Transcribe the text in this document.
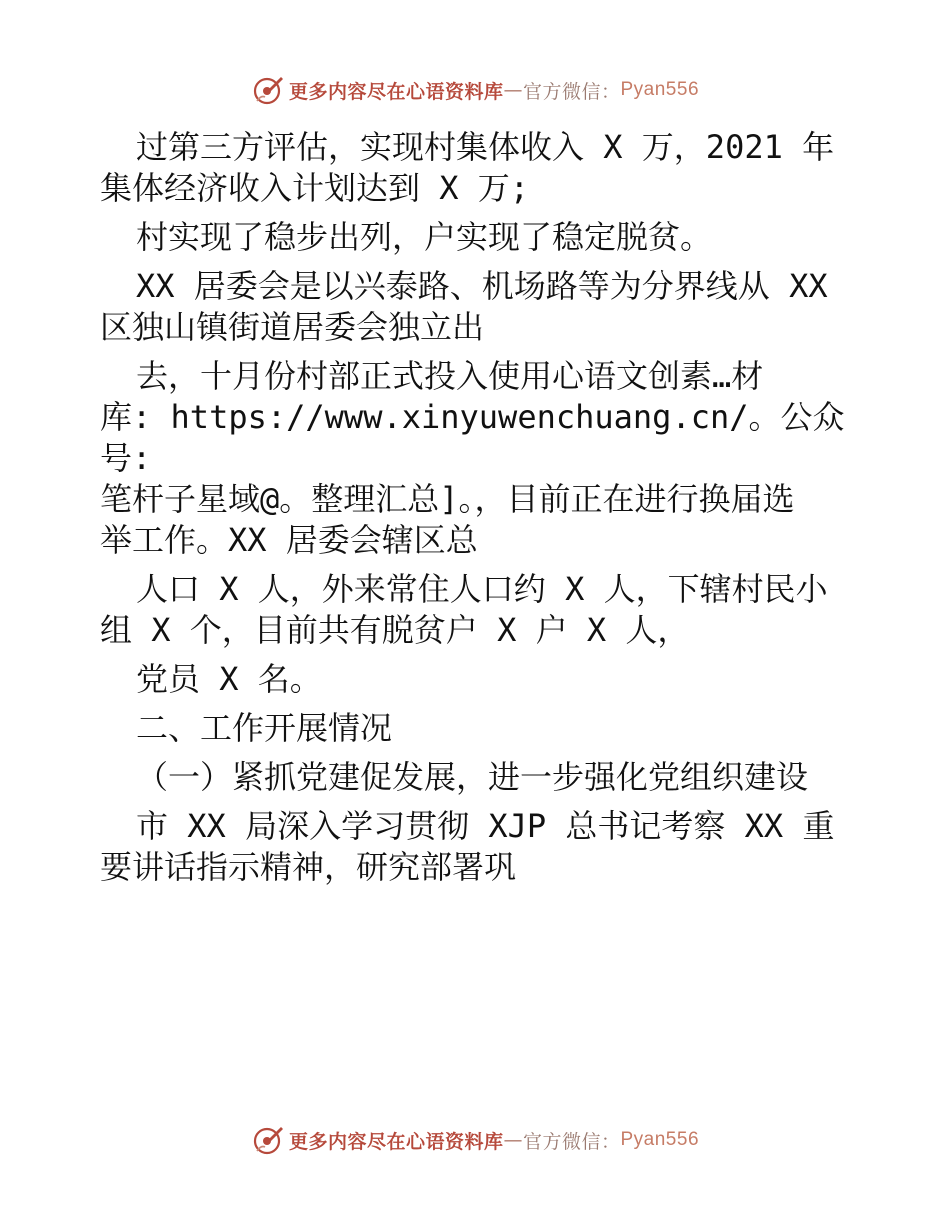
更多内容尽在心语资料库 — 官方微信： Pyan556

过第三方评估，实现村集体收入 X 万，2021 年
集体经济收入计划达到 X 万;

村实现了稳步出列，户实现了稳定脱贫。

XX 居委会是以兴泰路、机场路等为分界线从 XX
区独山镇街道居委会独立出

去，十月份村部正式投入使用心语文创素…材
库: https://www.xinyuwenchuang.cn/。公众号:
笔杆子星域@。整理汇总]。，目前正在进行换届选
举工作。XX 居委会辖区总

人口 X 人，外来常住人口约 X 人，下辖村民小
组 X 个，目前共有脱贫户 X 户 X 人，

党员 X 名。

二、工作开展情况

（一）紧抓党建促发展，进一步强化党组织建设

市 XX 局深入学习贯彻 XJP 总书记考察 XX 重
要讲话指示精神，研究部署巩

更多内容尽在心语资料库 — 官方微信： Pyan556
